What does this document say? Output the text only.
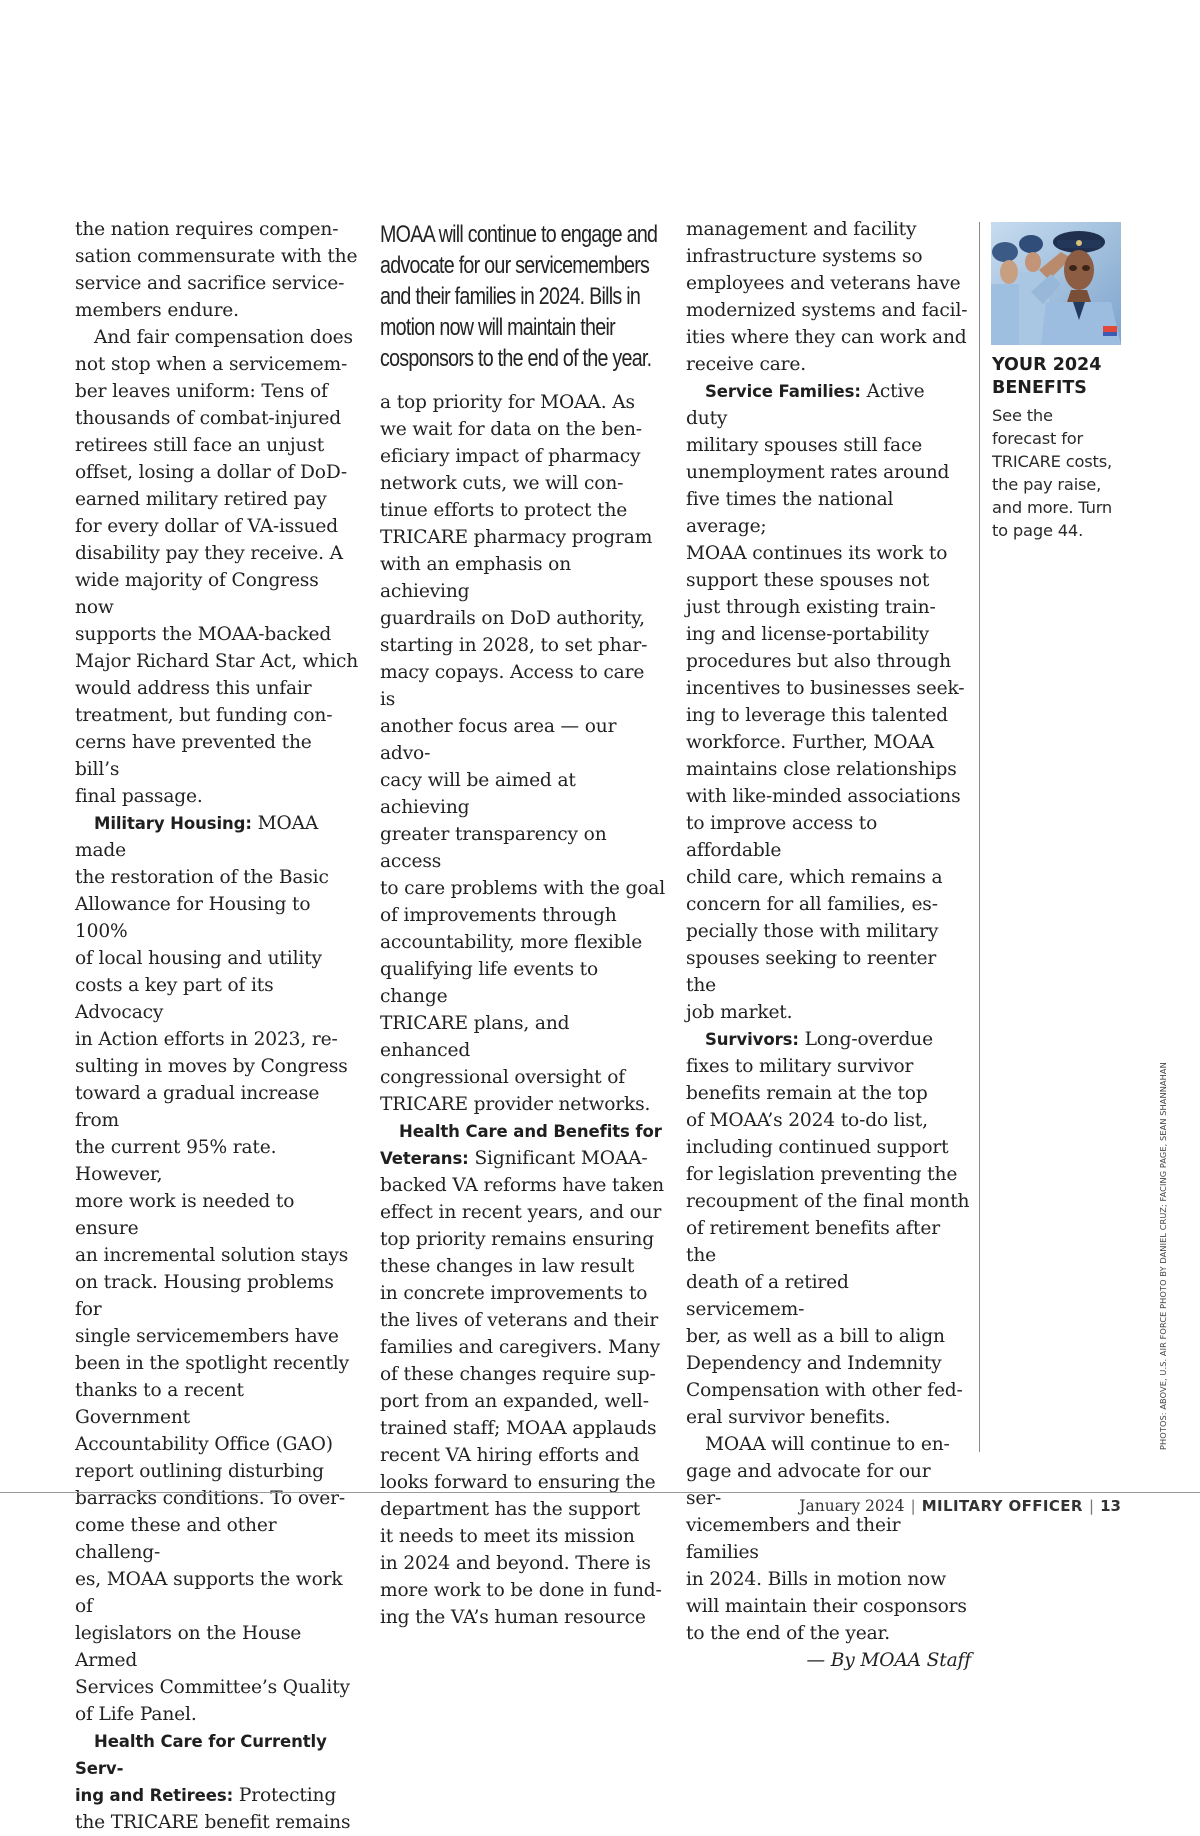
the nation requires compen-
sation commensurate with the
service and sacrifice service-
members endure.

And fair compensation does
not stop when a servicemem-
ber leaves uniform: Tens of
thousands of combat-injured
retirees still face an unjust
offset, losing a dollar of DoD-
earned military retired pay
for every dollar of VA-issued
disability pay they receive. A
wide majority of Congress now
supports the MOAA-backed
Major Richard Star Act, which
would address this unfair
treatment, but funding con-
cerns have prevented the bill’s
final passage.

Military Housing: MOAA made
the restoration of the Basic
Allowance for Housing to 100%
of local housing and utility
costs a key part of its Advocacy
in Action efforts in 2023, re-
sulting in moves by Congress
toward a gradual increase from
the current 95% rate. However,
more work is needed to ensure
an incremental solution stays
on track. Housing problems for
single servicemembers have
been in the spotlight recently
thanks to a recent Government
Accountability Office (GAO)
report outlining disturbing
barracks conditions. To over-
come these and other challeng-
es, MOAA supports the work of
legislators on the House Armed
Services Committee’s Quality
of Life Panel.

Health Care for Currently Serv-
ing and Retirees: Protecting
the TRICARE benefit remains

MOAA will continue to engage and
advocate for our servicemembers
and their families in 2024. Bills in
motion now will maintain their
cosponsors to the end of the year.

a top priority for MOAA. As
we wait for data on the ben-
eficiary impact of pharmacy
network cuts, we will con-
tinue efforts to protect the
TRICARE pharmacy program
with an emphasis on achieving
guardrails on DoD authority,
starting in 2028, to set phar-
macy copays. Access to care is
another focus area — our advo-
cacy will be aimed at achieving
greater transparency on access
to care problems with the goal
of improvements through
accountability, more flexible
qualifying life events to change
TRICARE plans, and enhanced
congressional oversight of
TRICARE provider networks.

Health Care and Benefits for
Veterans: Significant MOAA-
backed VA reforms have taken
effect in recent years, and our
top priority remains ensuring
these changes in law result
in concrete improvements to
the lives of veterans and their
families and caregivers. Many
of these changes require sup-
port from an expanded, well-
trained staff; MOAA applauds
recent VA hiring efforts and
looks forward to ensuring the
department has the support
it needs to meet its mission
in 2024 and beyond. There is
more work to be done in fund-
ing the VA’s human resource

management and facility
infrastructure systems so
employees and veterans have
modernized systems and facil-
ities where they can work and
receive care.

Service Families: Active duty
military spouses still face
unemployment rates around
five times the national average;
MOAA continues its work to
support these spouses not
just through existing train-
ing and license-portability
procedures but also through
incentives to businesses seek-
ing to leverage this talented
workforce. Further, MOAA
maintains close relationships
with like-minded associations
to improve access to affordable
child care, which remains a
concern for all families, es-
pecially those with military
spouses seeking to reenter the
job market.

Survivors: Long-overdue
fixes to military survivor
benefits remain at the top
of MOAA’s 2024 to-do list,
including continued support
for legislation preventing the
recoupment of the final month
of retirement benefits after the
death of a retired servicemem-
ber, as well as a bill to align
Dependency and Indemnity
Compensation with other fed-
eral survivor benefits.

MOAA will continue to en-
gage and advocate for our ser-
vicemembers and their families
in 2024. Bills in motion now
will maintain their cosponsors
to the end of the year.

— By MOAA Staff
YOUR 2024
BENEFITS
See the
forecast for
TRICARE costs,
the pay raise,
and more. Turn
to page 44.
PHOTOS: ABOVE, U.S. AIR FORCE PHOTO BY DANIEL CRUZ; FACING PAGE, SEAN SHANNAHAN
January 2024 | MILITARY OFFICER | 13
